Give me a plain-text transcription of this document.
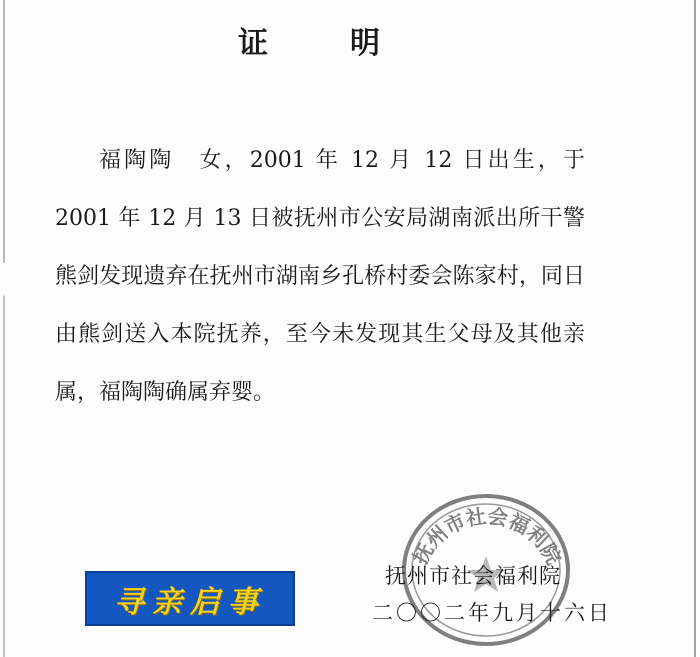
证	明

福陶陶　女，2001 年 12 月 12 日出生，于 2001 年 12 月 13 日被抚州市公安局湖南派出所干警熊剑发现遗弃在抚州市湖南乡孔桥村委会陈家村，同日由熊剑送入本院抚养，至今未发现其生父母及其他亲属，福陶陶确属弃婴。

抚州市社会福利院
抚州市社会福利院
二〇〇二年九月十六日
寻亲启事
